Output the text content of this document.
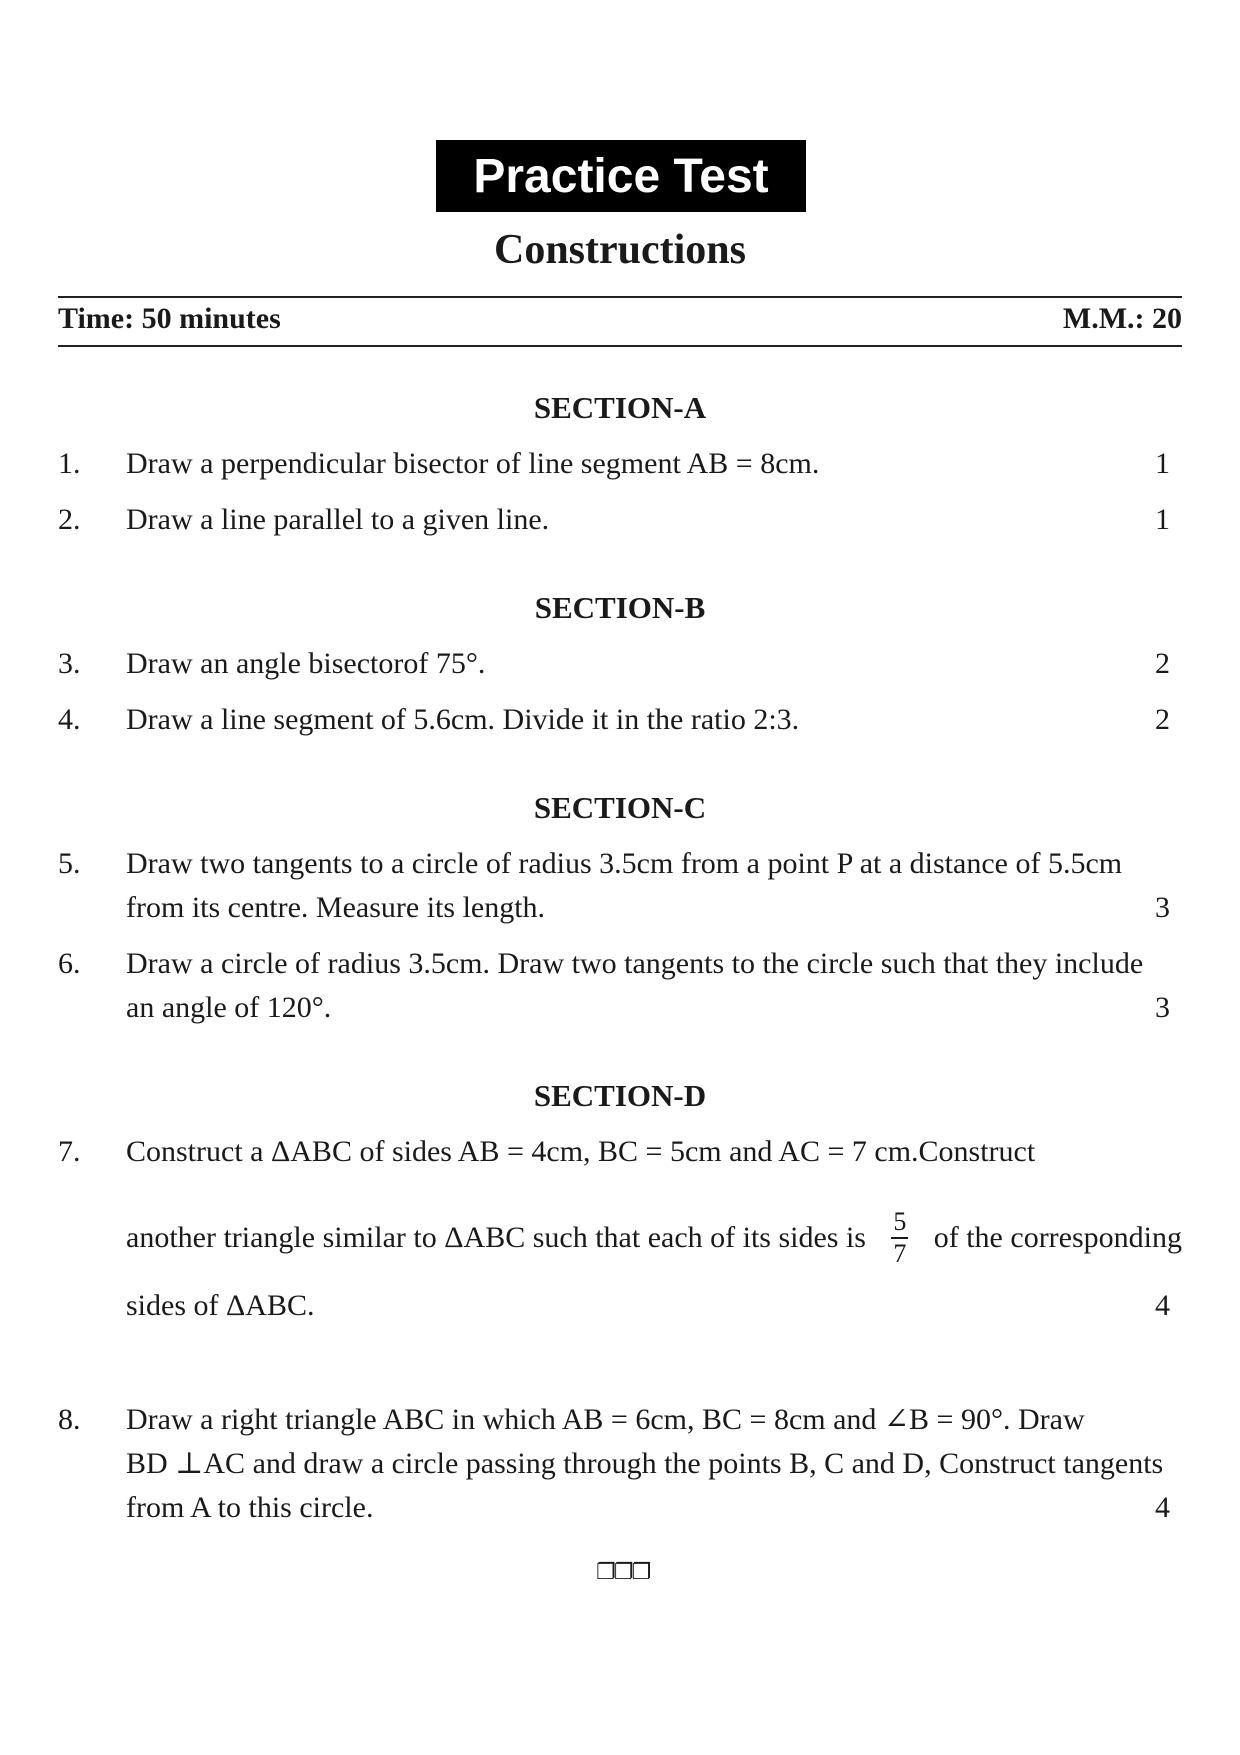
Practice Test
Constructions
Time: 50 minutes	M.M.: 20
SECTION-A
1. Draw a perpendicular bisector of line segment AB = 8cm.	1
2. Draw a line parallel to a given line.	1
SECTION-B
3. Draw an angle bisectorof 75°.	2
4. Draw a line segment of 5.6cm. Divide it in the ratio 2:3.	2
SECTION-C
5. Draw two tangents to a circle of radius 3.5cm from a point P at a distance of 5.5cm
from its centre. Measure its length.	3
6. Draw a circle of radius 3.5cm. Draw two tangents to the circle such that they include
an angle of 120°.	3
SECTION-D
7. Construct a ΔABC of sides AB = 4cm, BC = 5cm and AC = 7 cm.Construct
another triangle similar to ΔABC such that each of its sides is $\frac{5}{7}$ of the corresponding
sides of ΔABC.	4
8. Draw a right triangle ABC in which AB = 6cm, BC = 8cm and ∠B = 90°. Draw
BD ⊥AC and draw a circle passing through the points B, C and D, Construct tangents
from A to this circle.	4
❐❐❐
